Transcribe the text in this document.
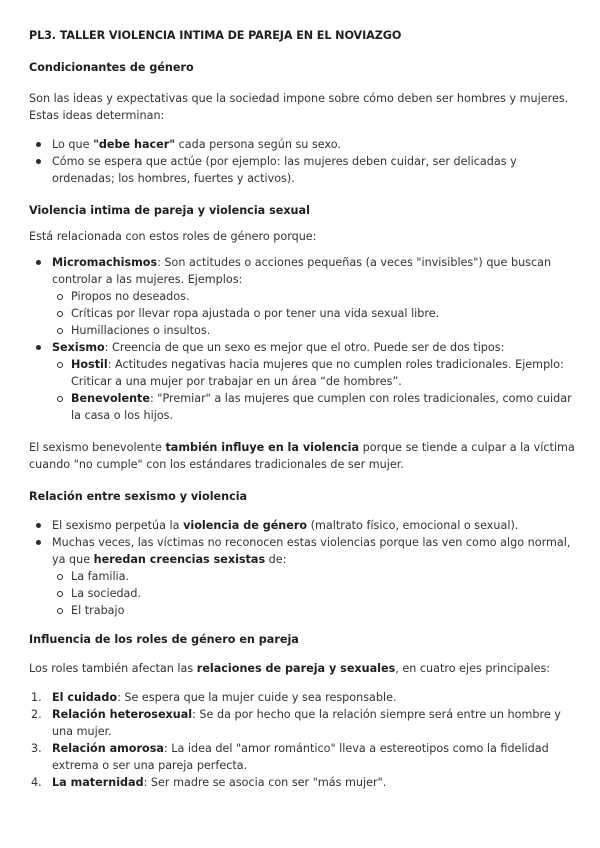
PL3. TALLER VIOLENCIA INTIMA DE PAREJA EN EL NOVIAZGO
Condicionantes de género

Son las ideas y expectativas que la sociedad impone sobre cómo deben ser hombres y mujeres. Estas ideas determinan:

Lo que "debe hacer" cada persona según su sexo.
Cómo se espera que actúe (por ejemplo: las mujeres deben cuidar, ser delicadas y ordenadas; los hombres, fuertes y activos).
Violencia intima de pareja y violencia sexual

Está relacionada con estos roles de género porque:

Micromachismos: Son actitudes o acciones pequeñas (a veces "invisibles") que buscan controlar a las mujeres. Ejemplos:
Piropos no deseados.
Críticas por llevar ropa ajustada o por tener una vida sexual libre.
Humillaciones o insultos.
Sexismo: Creencia de que un sexo es mejor que el otro. Puede ser de dos tipos:
Hostil: Actitudes negativas hacia mujeres que no cumplen roles tradicionales. Ejemplo: Criticar a una mujer por trabajar en un área “de hombres”.
Benevolente: "Premiar" a las mujeres que cumplen con roles tradicionales, como cuidar la casa o los hijos.

El sexismo benevolente también influye en la violencia porque se tiende a culpar a la víctima cuando "no cumple" con los estándares tradicionales de ser mujer.

Relación entre sexismo y violencia
El sexismo perpetúa la violencia de género (maltrato físico, emocional o sexual).
Muchas veces, las víctimas no reconocen estas violencias porque las ven como algo normal, ya que heredan creencias sexistas de:
La familia.
La sociedad.
El trabajo
Influencia de los roles de género en pareja

Los roles también afectan las relaciones de pareja y sexuales, en cuatro ejes principales:

1. El cuidado: Se espera que la mujer cuide y sea responsable.
2. Relación heterosexual: Se da por hecho que la relación siempre será entre un hombre y una mujer.
3. Relación amorosa: La idea del "amor romántico" lleva a estereotipos como la fidelidad extrema o ser una pareja perfecta.
4. La maternidad: Ser madre se asocia con ser "más mujer".
